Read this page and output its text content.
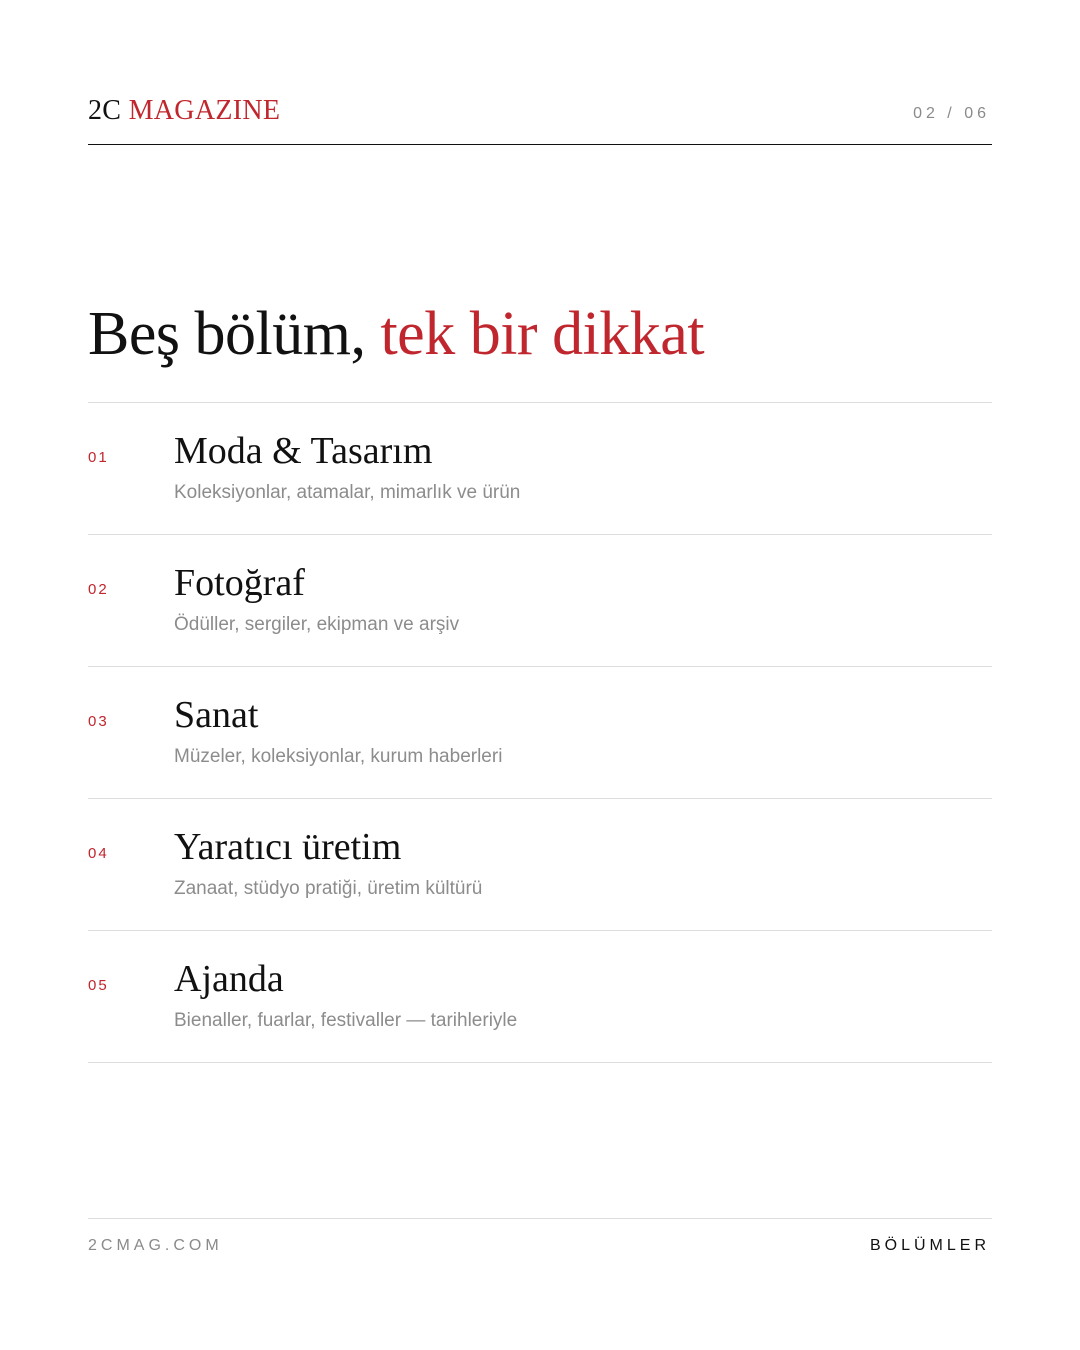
2C MAGAZINE	02 / 06
Beş bölüm, tek bir dikkat
01 Moda & Tasarım
Koleksiyonlar, atamalar, mimarlık ve ürün
02 Fotoğraf
Ödüller, sergiler, ekipman ve arşiv
03 Sanat
Müzeler, koleksiyonlar, kurum haberleri
04 Yaratıcı üretim
Zanaat, stüdyo pratiği, üretim kültürü
05 Ajanda
Bienaller, fuarlar, festivaller — tarihleriyle
2CMAG.COM	BÖLÜMLER
